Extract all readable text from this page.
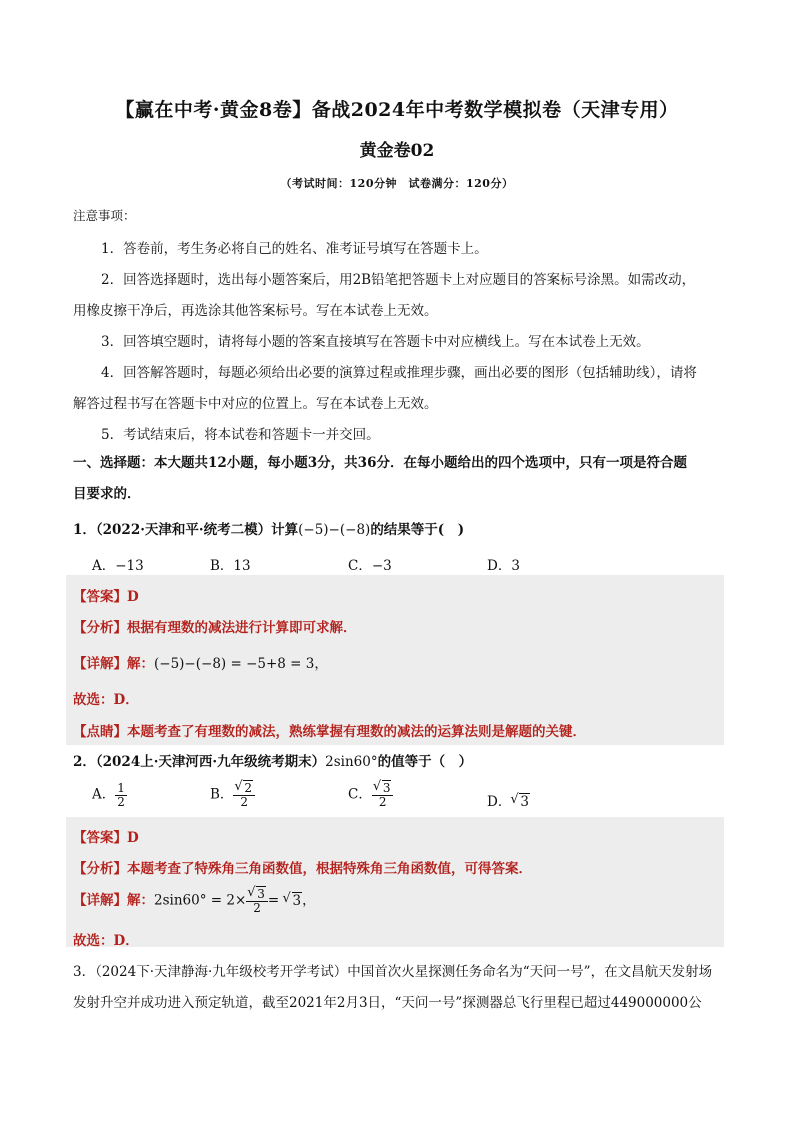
【赢在中考·黄金8卷】备战2024年中考数学模拟卷（天津专用）
黄金卷02
（考试时间：120分钟　试卷满分：120分）
注意事项：
1．答卷前，考生务必将自己的姓名、准考证号填写在答题卡上。
2．回答选择题时，选出每小题答案后，用2B铅笔把答题卡上对应题目的答案标号涂黑。如需改动，
用橡皮擦干净后，再选涂其他答案标号。写在本试卷上无效。
3．回答填空题时，请将每小题的答案直接填写在答题卡中对应横线上。写在本试卷上无效。
4．回答解答题时，每题必须给出必要的演算过程或推理步骤，画出必要的图形（包括辅助线），请将
解答过程书写在答题卡中对应的位置上。写在本试卷上无效。
5．考试结束后，将本试卷和答题卡一并交回。
一、选择题：本大题共12小题，每小题3分，共36分．在每小题给出的四个选项中，只有一项是符合题
目要求的．
1．（2022·天津和平·统考二模）计算(−5)−(−8)的结果等于(　)
A．−13	B．13	C．−3	D．3
【答案】D
【分析】根据有理数的减法进行计算即可求解．
【详解】解：(−5)−(−8) = −5+8 = 3，
故选：D．
【点睛】本题考查了有理数的减法，熟练掌握有理数的减法的运算法则是解题的关键．
2．（2024上·天津河西·九年级统考期末）2sin60°的值等于（　）
A． $\frac{1}{2}$	B． √ $\frac{2}{2}$	C． √ $\frac{3}{2}$	D． √ 3
【答案】D
【分析】本题考查了特殊角三角函数值，根据特殊角三角函数值，可得答案．
【详解】解：2sin60° = 2× √ $\frac{3}{2}$ = √ 3，
故选：D．
3．（2024下·天津静海·九年级校考开学考试）中国首次火星探测任务命名为“天问一号”，在文昌航天发射场
发射升空并成功进入预定轨道，截至2021年2月3日，“天问一号”探测器总飞行里程已超过449000000公
